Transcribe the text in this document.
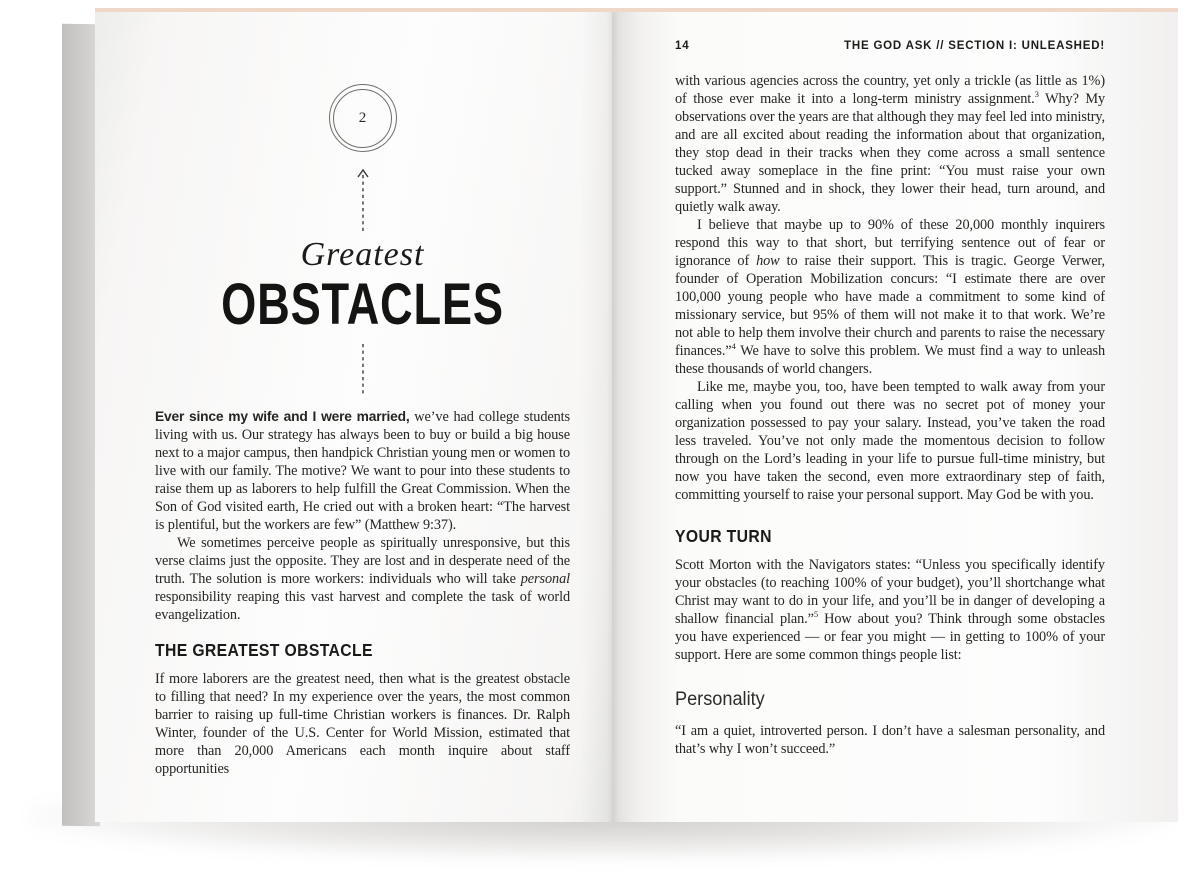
2
Greatest
OBSTACLES

Ever since my wife and I were married, we’ve had college students living with us. Our strategy has always been to buy or build a big house next to a major campus, then handpick Christian young men or women to live with our family. The motive? We want to pour into these students to raise them up as laborers to help fulfill the Great Commission. When the Son of God visited earth, He cried out with a broken heart: “The harvest is plentiful, but the workers are few” (Matthew 9:37).

We sometimes perceive people as spiritually unresponsive, but this verse claims just the opposite. They are lost and in desperate need of the truth. The solution is more workers: individuals who will take personal responsibility reaping this vast harvest and complete the task of world evangelization.

THE GREATEST OBSTACLE

If more laborers are the greatest need, then what is the greatest obstacle to filling that need? In my experience over the years, the most common barrier to raising up full-time Christian workers is finances. Dr. Ralph Winter, founder of the U.S. Center for World Mission, estimated that more than 20,000 Americans each month inquire about staff opportunities

14	THE GOD ASK // SECTION I: UNLEASHED!

with various agencies across the country, yet only a trickle (as little as 1%) of those ever make it into a long-term ministry assignment.$^3$ Why? My observations over the years are that although they may feel led into ministry, and are all excited about reading the information about that organization, they stop dead in their tracks when they come across a small sentence tucked away someplace in the fine print: “You must raise your own support.” Stunned and in shock, they lower their head, turn around, and quietly walk away.

I believe that maybe up to 90% of these 20,000 monthly inquirers respond this way to that short, but terrifying sentence out of fear or ignorance of how to raise their support. This is tragic. George Verwer, founder of Operation Mobilization concurs: “I estimate there are over 100,000 young people who have made a commitment to some kind of missionary service, but 95% of them will not make it to that work. We’re not able to help them involve their church and parents to raise the necessary finances.”$^4$ We have to solve this problem. We must find a way to unleash these thousands of world changers.

Like me, maybe you, too, have been tempted to walk away from your calling when you found out there was no secret pot of money your organization possessed to pay your salary. Instead, you’ve taken the road less traveled. You’ve not only made the momentous decision to follow through on the Lord’s leading in your life to pursue full-time ministry, but now you have taken the second, even more extraordinary step of faith, committing yourself to raise your personal support. May God be with you.

YOUR TURN

Scott Morton with the Navigators states: “Unless you specifically identify your obstacles (to reaching 100% of your budget), you’ll shortchange what Christ may want to do in your life, and you’ll be in danger of developing a shallow financial plan.”$^5$ How about you? Think through some obstacles you have experienced — or fear you might — in getting to 100% of your support. Here are some common things people list:

Personality

“I am a quiet, introverted person. I don’t have a salesman personality, and that’s why I won’t succeed.”
